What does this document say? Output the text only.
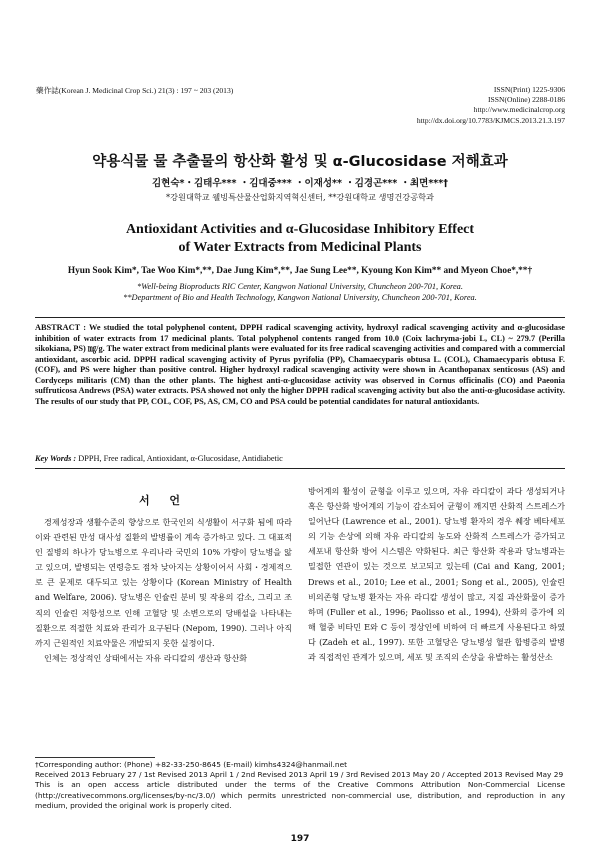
藥作誌(Korean J. Medicinal Crop Sci.) 21(3) : 197 ~ 203 (2013)	ISSN(Print) 1225-9306
ISSN(Online) 2288-0186
http://www.medicinalcrop.org
http://dx.doi.org/10.7783/KJMCS.2013.21.3.197
약용식물 물 추출물의 항산화 활성 및 α-Glucosidase 저해효과
김현숙*・김태우*** ・김대중*** ・이재성** ・김경곤*** ・최면***†
*강원대학교 웰빙특산물산업화지역혁신센터, **강원대학교 생명건강공학과
Antioxidant Activities and α-Glucosidase Inhibitory Effect
of Water Extracts from Medicinal Plants
Hyun Sook Kim*, Tae Woo Kim*,**, Dae Jung Kim*,**, Jae Sung Lee**, Kyoung Kon Kim** and Myeon Choe*,**†
*Well-being Bioproducts RIC Center, Kangwon National University, Chuncheon 200-701, Korea.
**Department of Bio and Health Technology, Kangwon National University, Chuncheon 200-701, Korea.
ABSTRACT : We studied the total polyphenol content, DPPH radical scavenging activity, hydroxyl radical scavenging activity and α-glucosidase inhibition of water extracts from 17 medicinal plants. Total polyphenol contents ranged from 10.0 (Coix lachryma-jobi L, CL) ~ 279.7 (Perilla sikokiana, PS) ㎎/g. The water extract from medicinal plants were evaluated for its free radical scavenging activities and compared with a commercial antioxidant, ascorbic acid. DPPH radical scavenging activity of Pyrus pyrifolia (PP), Chamaecyparis obtusa L. (COL), Chamaecyparis obtusa F. (COF), and PS were higher than positive control. Higher hydroxyl radical scavenging activity were shown in Acanthopanax senticosus (AS) and Cordyceps militaris (CM) than the other plants. The highest anti-α-glucosidase activity was observed in Cornus officinalis (CO) and Paeonia suffruticosa Andrews (PSA) water extracts. PSA showed not only the higher DPPH radical scavenging activity but also the anti-α-glucosidase activity. The results of our study that PP, COL, COF, PS, AS, CM, CO and PSA could be potential candidates for natural antioxidants.
Key Words : DPPH, Free radical, Antioxidant, α-Glucosidase, Antidiabetic
서 언

경제성장과 생활수준의 향상으로 한국인의 식생활이 서구화 됨에 따라 이와 관련된 만성 대사성 질환의 발병률이 계속 증가하고 있다. 그 대표적인 질병의 하나가 당뇨병으로 우리나라 국민의 10% 가량이 당뇨병을 앓고 있으며, 발병되는 연령층도 점차 낮아지는 상황이어서 사회・경제적으로 큰 문제로 대두되고 있는 상황이다 (Korean Ministry of Health and Welfare, 2006). 당뇨병은 인슐린 분비 및 작용의 감소, 그리고 조직의 인슐린 저항성으로 인해 고혈당 및 소변으로의 당배설을 나타내는 질환으로 적절한 치료와 관리가 요구된다 (Nepom, 1990). 그러나 아직까지 근원적인 치료약물은 개발되지 못한 실정이다.

인체는 정상적인 상태에서는 자유 라디칼의 생산과 항산화

방어계의 활성이 균형을 이루고 있으며, 자유 라디칼이 과다 생성되거나 혹은 항산화 방어계의 기능이 감소되어 균형이 깨지면 산화적 스트레스가 일어난다 (Lawrence et al., 2001). 당뇨병 환자의 경우 췌장 베타세포의 기능 손상에 의해 자유 라디칼의 농도와 산화적 스트레스가 증가되고 세포내 항산화 방어 시스템은 약화된다. 최근 항산화 작용과 당뇨병과는 밀접한 연관이 있는 것으로 보고되고 있는데 (Cai and Kang, 2001; Drews et al., 2010; Lee et al., 2001; Song et al., 2005), 인슐린 비의존형 당뇨병 환자는 자유 라디칼 생성이 많고, 지질 과산화물이 증가하며 (Fuller et al., 1996; Paolisso et al., 1994), 산화의 증가에 의해 혈중 비타민 E와 C 등이 정상인에 비하여 더 빠르게 사용된다고 하였다 (Zadeh et al., 1997). 또한 고혈당은 당뇨병성 혈관 합병증의 발병과 직접적인 관계가 있으며, 세포 및 조직의 손상을 유발하는 활성산소

†Corresponding author: (Phone) +82-33-250-8645 (E-mail) kimhs4324@hanmail.net
Received 2013 February 27 / 1st Revised 2013 April 1 / 2nd Revised 2013 April 19 / 3rd Revised 2013 May 20 / Accepted 2013 Revised May 29
This is an open access article distributed under the terms of the Creative Commons Attribution Non-Commercial License (http://creativecommons.org/licenses/by-nc/3.0/) which permits unrestricted non-commercial use, distribution, and reproduction in any medium, provided the original work is properly cited.
197
